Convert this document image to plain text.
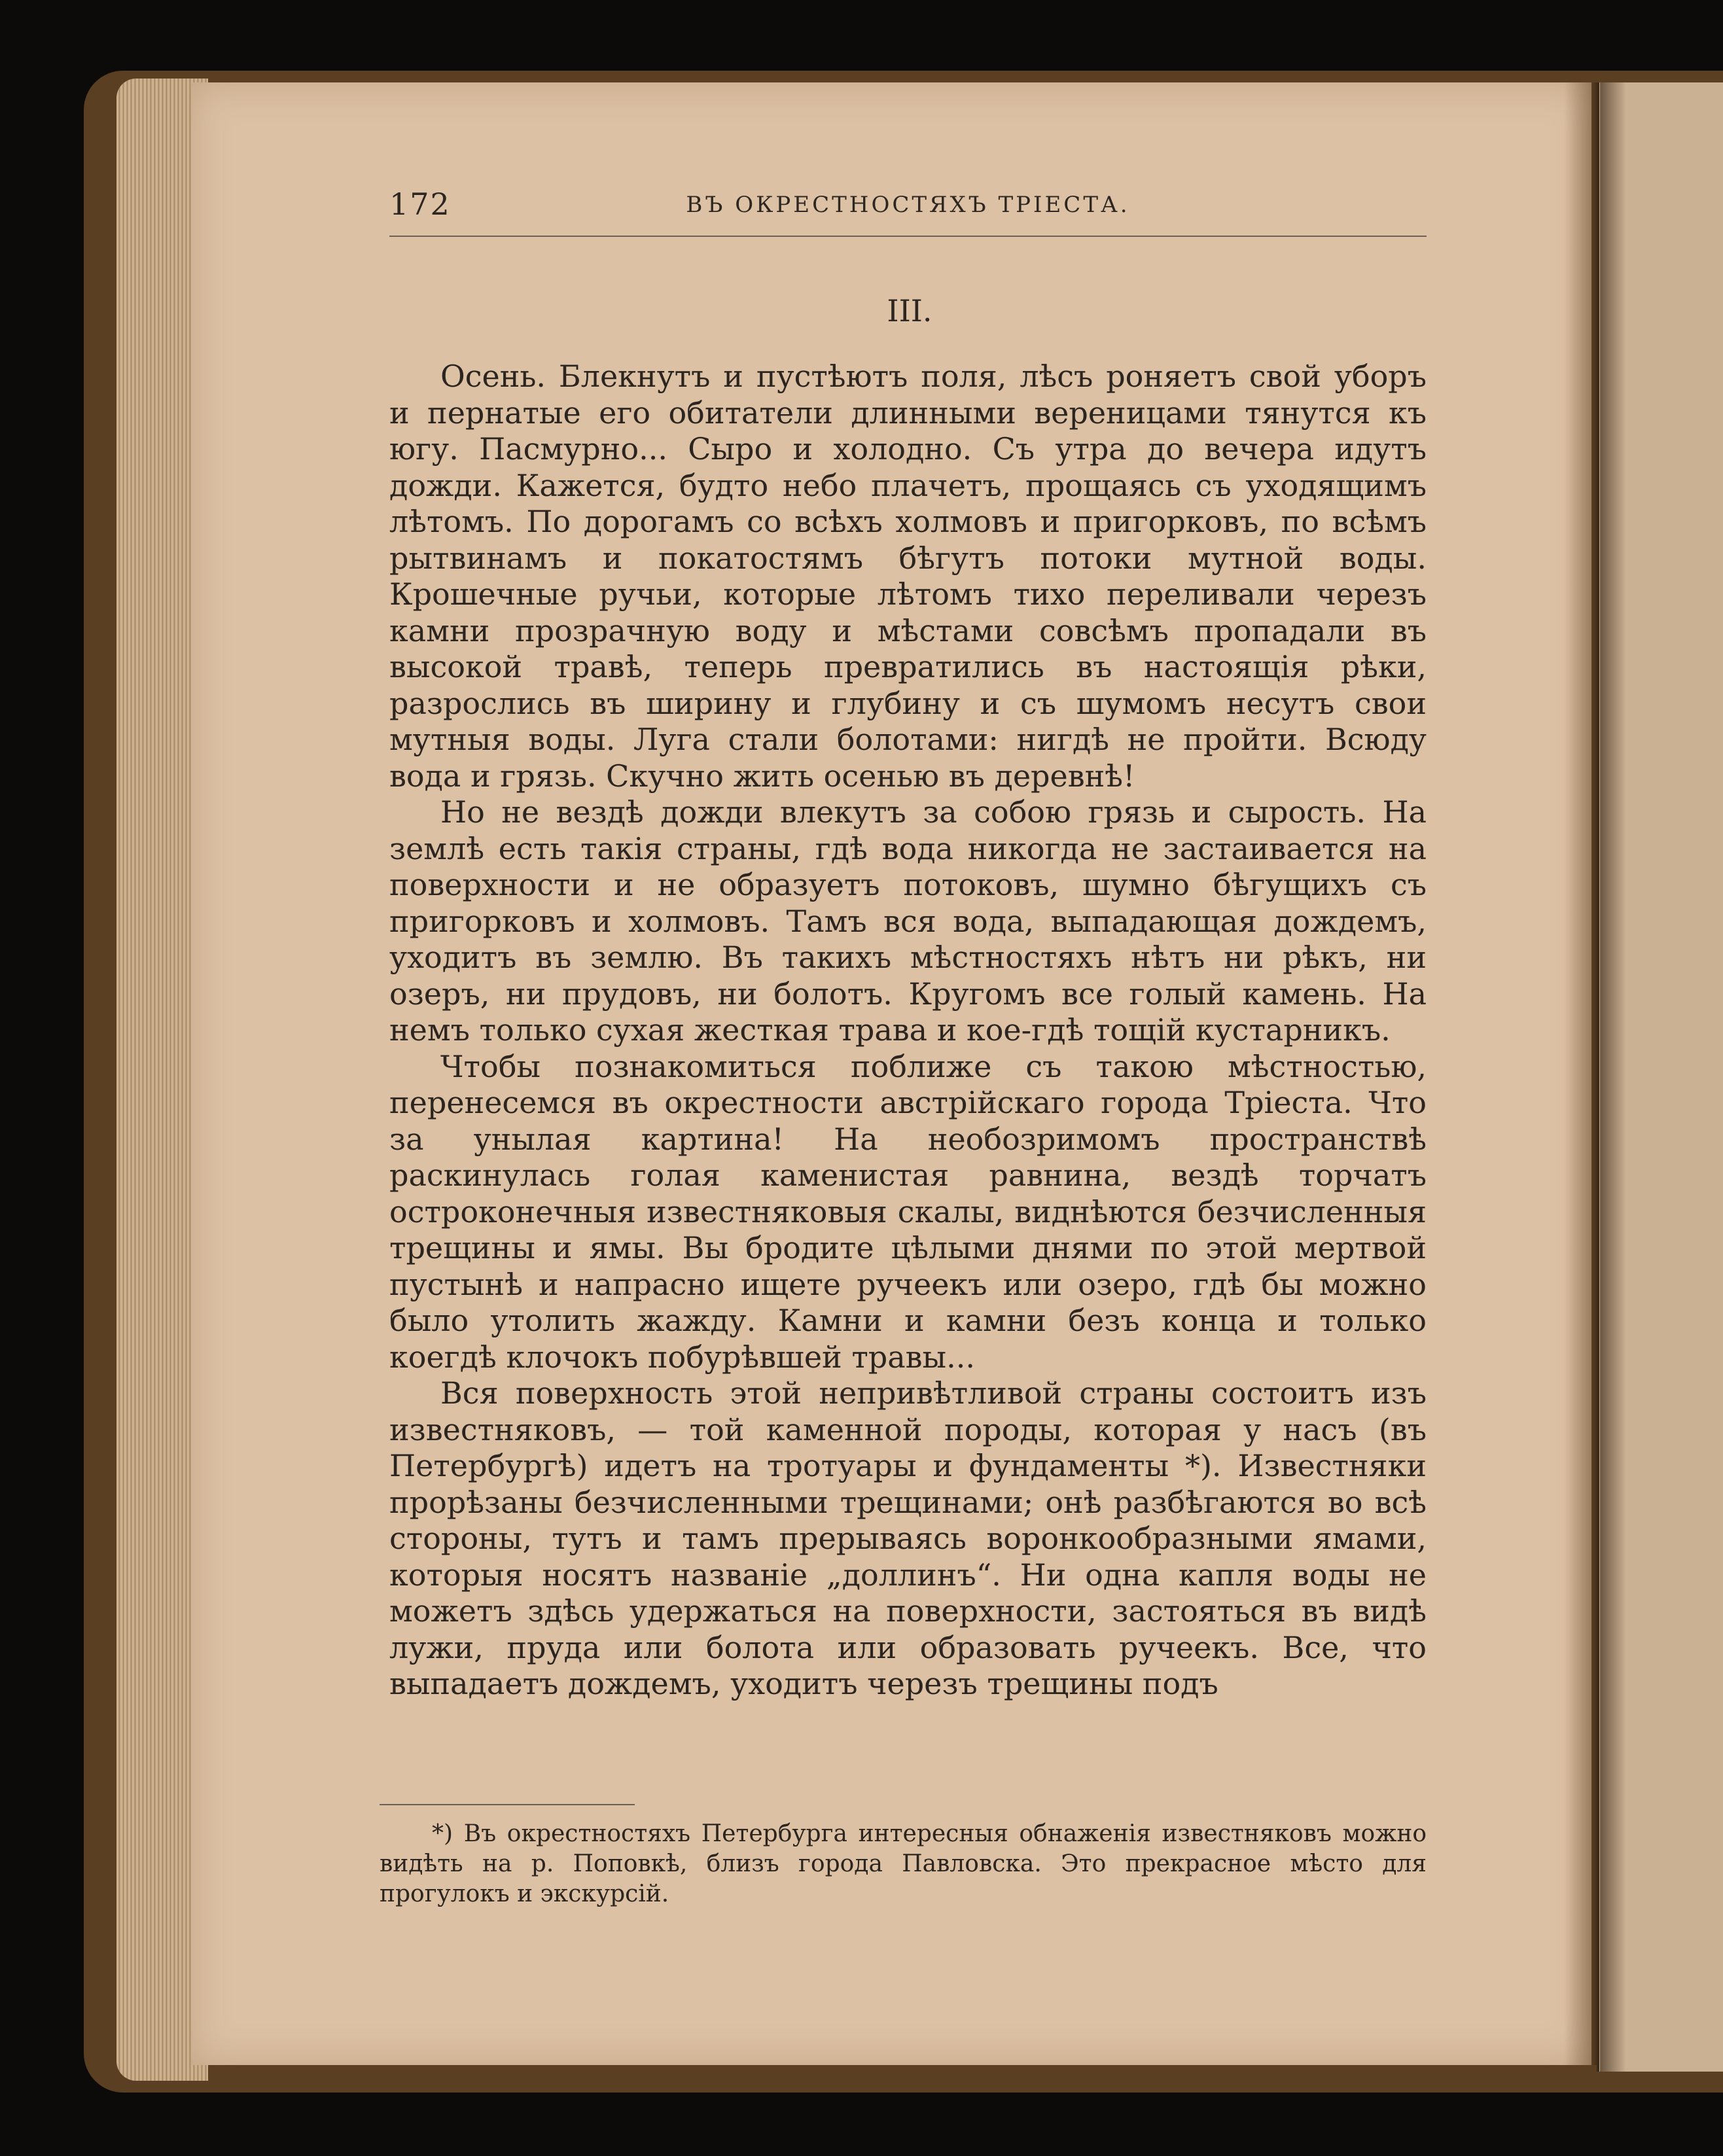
172	ВЪ ОКРЕСТНОСТЯХЪ ТРІЕСТА.
III.

Осень. Блекнутъ и пустѣютъ поля, лѣсъ роняетъ свой уборъ и пернатые его обитатели длинными вереницами тянутся къ югу. Пасмурно... Сыро и холодно. Съ утра до вечера идутъ дожди. Кажется, будто небо плачетъ, прощаясь съ уходящимъ лѣтомъ. По дорогамъ со всѣхъ холмовъ и пригорковъ, по всѣмъ рытвинамъ и покатостямъ бѣгутъ потоки мутной воды. Крошечные ручьи, которые лѣтомъ тихо переливали черезъ камни прозрачную воду и мѣстами совсѣмъ пропадали въ высокой травѣ, теперь превратились въ настоящія рѣки, разрослись въ ширину и глубину и съ шумомъ несутъ свои мутныя воды. Луга стали болотами: нигдѣ не пройти. Всюду вода и грязь. Скучно жить осенью въ деревнѣ!

Но не вездѣ дожди влекутъ за собою грязь и сырость. На землѣ есть такія страны, гдѣ вода никогда не застаивается на поверхности и не образуетъ потоковъ, шумно бѣгущихъ съ пригорковъ и холмовъ. Тамъ вся вода, выпадающая дождемъ, уходитъ въ землю. Въ такихъ мѣстностяхъ нѣтъ ни рѣкъ, ни озеръ, ни прудовъ, ни болотъ. Кругомъ все голый камень. На немъ только сухая жесткая трава и кое-гдѣ тощій кустарникъ.

Чтобы познакомиться поближе съ такою мѣстностью, перенесемся въ окрестности австрійскаго города Тріеста. Что за унылая картина! На необозримомъ пространствѣ раскинулась голая каменистая равнина, вездѣ торчатъ остроконечныя известняковыя скалы, виднѣются безчисленныя трещины и ямы. Вы бродите цѣлыми днями по этой мертвой пустынѣ и напрасно ищете ручеекъ или озеро, гдѣ бы можно было утолить жажду. Камни и камни безъ конца и только коегдѣ клочокъ побурѣвшей травы...

Вся поверхность этой непривѣтливой страны состоитъ изъ известняковъ, — той каменной породы, которая у насъ (въ Петербургѣ) идетъ на тротуары и фундаменты *). Известняки прорѣзаны безчисленными трещинами; онѣ разбѣгаются во всѣ стороны, тутъ и тамъ прерываясь воронкообразными ямами, которыя носятъ названіе „доллинъ“. Ни одна капля воды не можетъ здѣсь удержаться на поверхности, застояться въ видѣ лужи, пруда или болота или образовать ручеекъ. Все, что выпадаетъ дождемъ, уходитъ черезъ трещины подъ

*) Въ окрестностяхъ Петербурга интересныя обнаженія известняковъ можно видѣть на р. Поповкѣ, близъ города Павловска. Это прекрасное мѣсто для прогулокъ и экскурсій.
